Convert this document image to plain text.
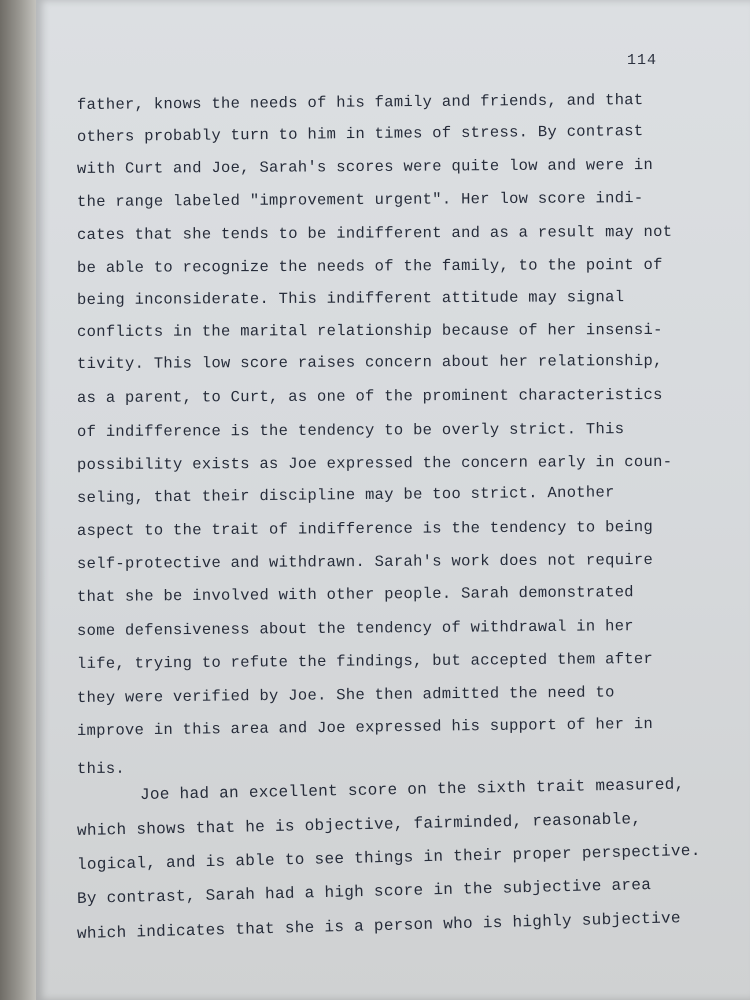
114
father, knows the needs of his family and friends, and that
others probably turn to him in times of stress. By contrast
with Curt and Joe, Sarah's scores were quite low and were in
the range labeled "improvement urgent". Her low score indi-
cates that she tends to be indifferent and as a result may not
be able to recognize the needs of the family, to the point of
being inconsiderate. This indifferent attitude may signal
conflicts in the marital relationship because of her insensi-
tivity. This low score raises concern about her relationship,
as a parent, to Curt, as one of the prominent characteristics
of indifference is the tendency to be overly strict. This
possibility exists as Joe expressed the concern early in coun-
seling, that their discipline may be too strict. Another
aspect to the trait of indifference is the tendency to being
self-protective and withdrawn. Sarah's work does not require
that she be involved with other people. Sarah demonstrated
some defensiveness about the tendency of withdrawal in her
life, trying to refute the findings, but accepted them after
they were verified by Joe. She then admitted the need to
improve in this area and Joe expressed his support of her in
this.
Joe had an excellent score on the sixth trait measured,
which shows that he is objective, fairminded, reasonable,
logical, and is able to see things in their proper perspective.
By contrast, Sarah had a high score in the subjective area
which indicates that she is a person who is highly subjective
